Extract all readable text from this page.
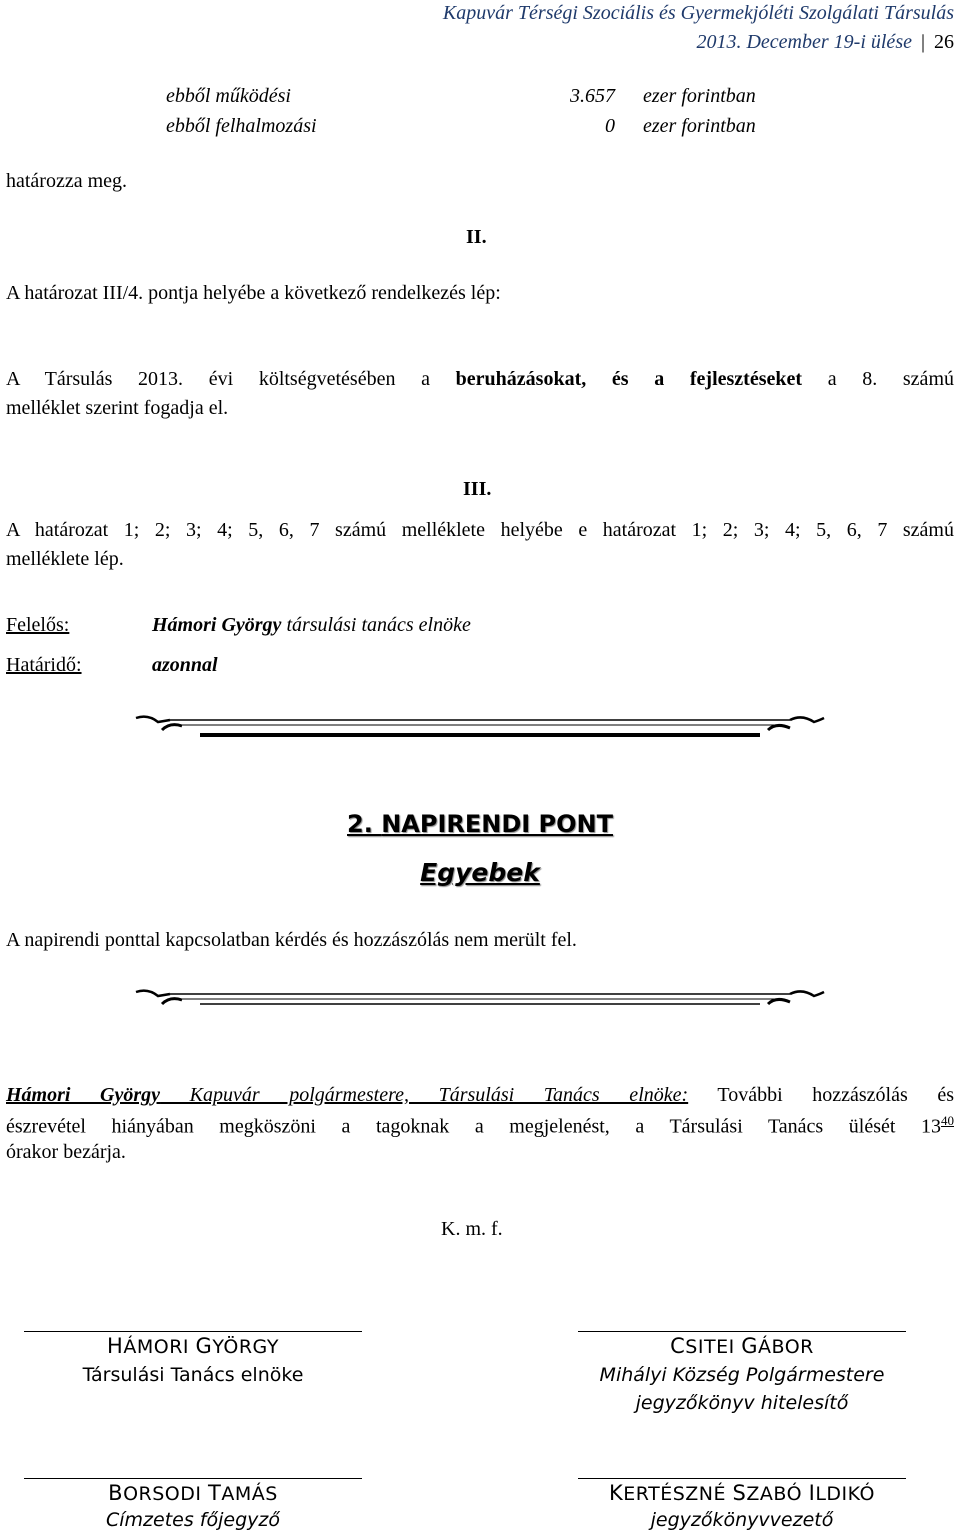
Kapuvár Térségi Szociális és Gyermekjóléti Szolgálati Társulás
2013. December 19-i ülése | 26
ebből működési	3.657 ezer forintban
ebből felhalmozási	0 ezer forintban
határozza meg.
II.
A határozat III/4. pontja helyébe a következő rendelkezés lép:
A Társulás 2013. évi költségvetésében a beruházásokat, és a fejlesztéseket a 8. számú
melléklet szerint fogadja el.
III.
A határozat 1; 2; 3; 4; 5, 6, 7 számú melléklete helyébe e határozat 1; 2; 3; 4; 5, 6, 7 számú
melléklete lép.
Felelős:	Hámori György társulási tanács elnöke
Határidő:	azonnal
2. NAPIRENDI PONT
Egyebek
A napirendi ponttal kapcsolatban kérdés és hozzászólás nem merült fel.
Hámori György Kapuvár polgármestere, Társulási Tanács elnöke: További hozzászólás és
észrevétel hiányában megköszöni a tagoknak a megjelenést, a Társulási Tanács ülését $13^{40}$
órakor bezárja.
K. m. f.
HÁMORI GYÖRGY
Társulási Tanács elnöke
CSITEI GÁBOR
Mihályi Község Polgármestere
jegyzőkönyv hitelesítő
BORSODI TAMÁS
Címzetes főjegyző
KERTÉSZNÉ SZABÓ ILDIKÓ
jegyzőkönyvvezető
